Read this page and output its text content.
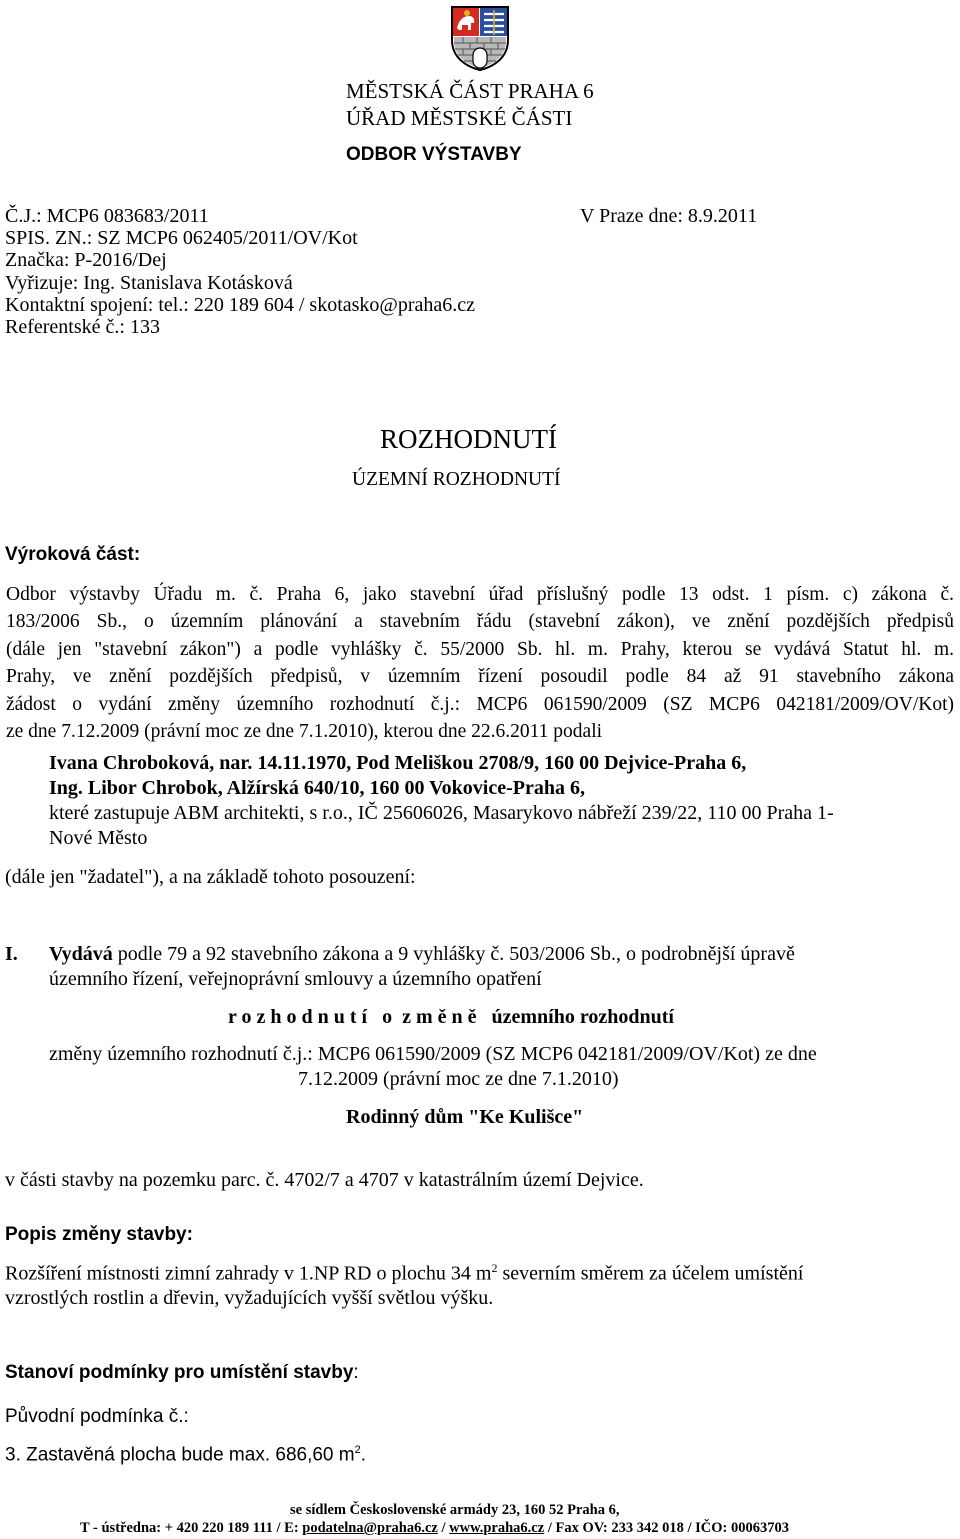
MĚSTSKÁ ČÁST PRAHA 6
ÚŘAD MĚSTSKÉ ČÁSTI
ODBOR VÝSTAVBY
Č.J.: MCP6 083683/2011
SPIS. ZN.: SZ MCP6 062405/2011/OV/Kot
Značka: P-2016/Dej
Vyřizuje: Ing. Stanislava Kotásková
Kontaktní spojení: tel.: 220 189 604 / skotasko@praha6.cz
Referentské č.: 133
V Praze dne: 8.9.2011
ROZHODNUTÍ
ÚZEMNÍ ROZHODNUTÍ
Výroková část:
Odbor výstavby Úřadu m. č. Praha 6, jako stavební úřad příslušný podle 13 odst. 1 písm. c) zákona č.
183/2006 Sb., o územním plánování a stavebním řádu (stavební zákon), ve znění pozdějších předpisů
(dále jen "stavební zákon") a podle vyhlášky č. 55/2000 Sb. hl. m. Prahy, kterou se vydává Statut hl. m.
Prahy, ve znění pozdějších předpisů, v územním řízení posoudil podle 84 až 91 stavebního zákona
žádost o vydání změny územního rozhodnutí č.j.: MCP6 061590/2009 (SZ MCP6 042181/2009/OV/Kot)
ze dne 7.12.2009 (právní moc ze dne 7.1.2010), kterou dne 22.6.2011 podali
Ivana Chroboková, nar. 14.11.1970, Pod Meliškou 2708/9, 160 00 Dejvice-Praha 6,
Ing. Libor Chrobok, Alžírská 640/10, 160 00 Vokovice-Praha 6,
které zastupuje ABM architekti, s r.o., IČ 25606026, Masarykovo nábřeží 239/22, 110 00 Praha 1-
Nové Město
(dále jen "žadatel"), a na základě tohoto posouzení:
I. Vydává podle 79 a 92 stavebního zákona a 9 vyhlášky č. 503/2006 Sb., o podrobnější úpravě
územního řízení, veřejnoprávní smlouvy a územního opatření
r o z h o d n u t í   o  z m ě n ě   územního rozhodnutí
změny územního rozhodnutí č.j.: MCP6 061590/2009 (SZ MCP6 042181/2009/OV/Kot) ze dne
7.12.2009 (právní moc ze dne 7.1.2010)
Rodinný dům "Ke Kulišce"
v části stavby na pozemku parc. č. 4702/7 a 4707 v katastrálním území Dejvice.
Popis změny stavby:
Rozšíření místnosti zimní zahrady v 1.NP RD o plochu 34 $m^2$ severním směrem za účelem umístění
vzrostlých rostlin a dřevin, vyžadujících vyšší světlou výšku.
Stanoví podmínky pro umístění stavby:
Původní podmínka č.:
3. Zastavěná plocha bude max. 686,60 $m^2$.
se sídlem Československé armády 23, 160 52 Praha 6,
T - ústředna: + 420 220 189 111 / E: podatelna@praha6.cz / www.praha6.cz / Fax OV: 233 342 018 / IČO: 00063703
